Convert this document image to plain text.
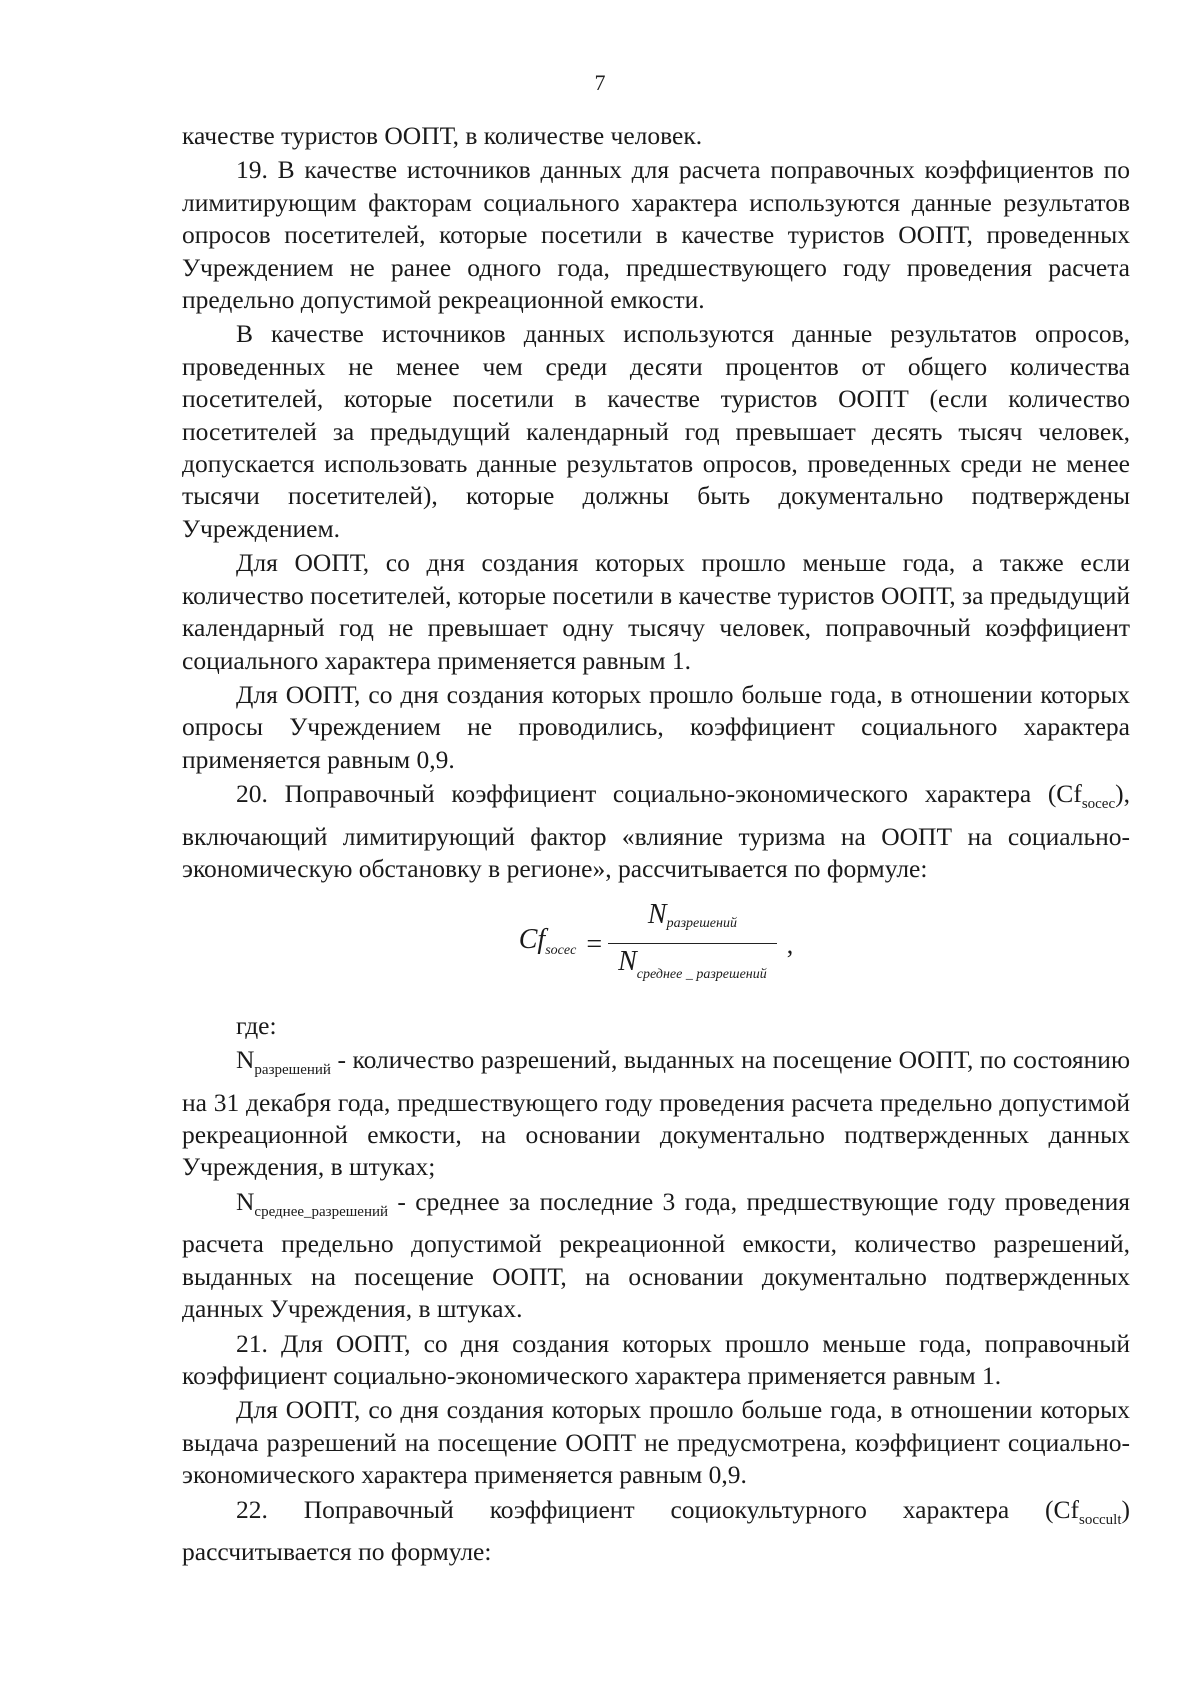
7

качестве туристов ООПТ, в количестве человек.

19. В качестве источников данных для расчета поправочных коэффициентов по лимитирующим факторам социального характера используются данные результатов опросов посетителей, которые посетили в качестве туристов ООПТ, проведенных Учреждением не ранее одного года, предшествующего году проведения расчета предельно допустимой рекреационной емкости.

В качестве источников данных используются данные результатов опросов, проведенных не менее чем среди десяти процентов от общего количества посетителей, которые посетили в качестве туристов ООПТ (если количество посетителей за предыдущий календарный год превышает десять тысяч человек, допускается использовать данные результатов опросов, проведенных среди не менее тысячи посетителей), которые должны быть документально подтверждены Учреждением.

Для ООПТ, со дня создания которых прошло меньше года, а также если количество посетителей, которые посетили в качестве туристов ООПТ, за предыдущий календарный год не превышает одну тысячу человек, поправочный коэффициент социального характера применяется равным 1.

Для ООПТ, со дня создания которых прошло больше года, в отношении которых опросы Учреждением не проводились, коэффициент социального характера применяется равным 0,9.

20. Поправочный коэффициент социально-экономического характера $(Cf_{socec})$, включающий лимитирующий фактор «влияние туризма на ООПТ на социально-экономическую обстановку в регионе», рассчитывается по формуле:

$Cf_{socec} = \frac{N_{разрешений}}{N_{среднее \_ разрешений}}$ ,

где:

$N_{разрешений}$ - количество разрешений, выданных на посещение ООПТ, по состоянию на 31 декабря года, предшествующего году проведения расчета предельно допустимой рекреационной емкости, на основании документально подтвержденных данных Учреждения, в штуках;

$N_{среднее\_разрешений}$ - среднее за последние 3 года, предшествующие году проведения расчета предельно допустимой рекреационной емкости, количество разрешений, выданных на посещение ООПТ, на основании документально подтвержденных данных Учреждения, в штуках.

21. Для ООПТ, со дня создания которых прошло меньше года, поправочный коэффициент социально-экономического характера применяется равным 1.

Для ООПТ, со дня создания которых прошло больше года, в отношении которых выдача разрешений на посещение ООПТ не предусмотрена, коэффициент социально-экономического характера применяется равным 0,9.

22. Поправочный коэффициент социокультурного характера $(Cf_{soccult})$ рассчитывается по формуле:
